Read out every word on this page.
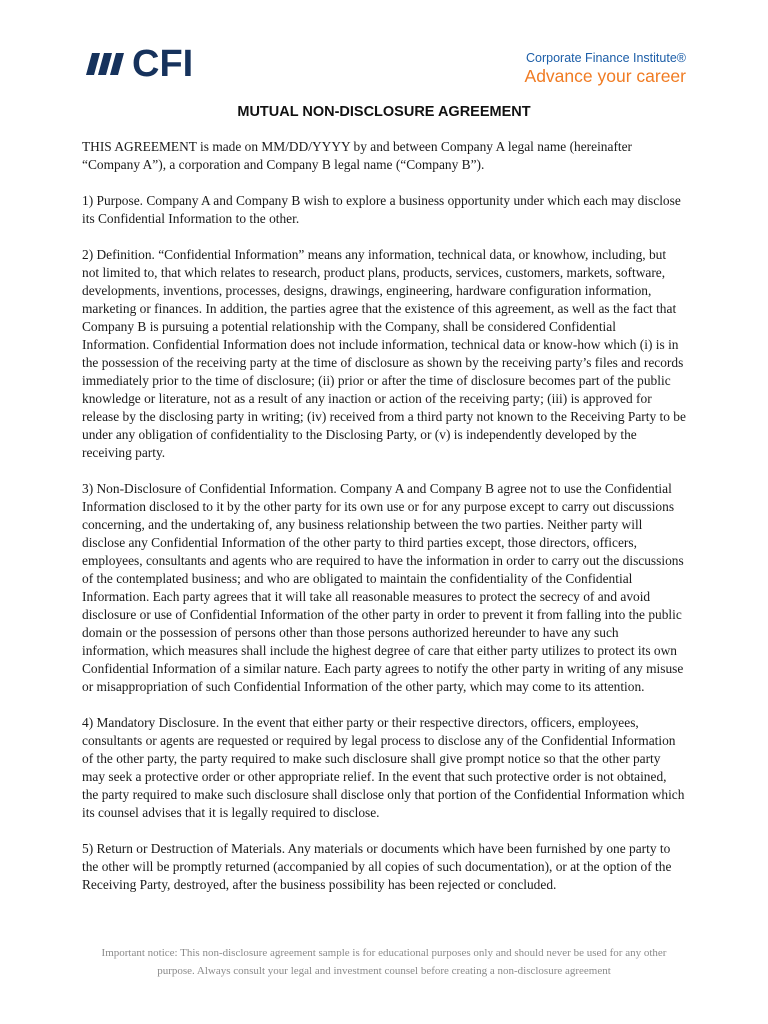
CFI	Corporate Finance Institute®
Advance your career
MUTUAL NON-DISCLOSURE AGREEMENT

THIS AGREEMENT is made on MM/DD/YYYY by and between Company A legal name (hereinafter “Company A”), a corporation and Company B legal name (“Company B”).

1) Purpose. Company A and Company B wish to explore a business opportunity under which each may disclose its Confidential Information to the other.

2) Definition. “Confidential Information” means any information, technical data, or knowhow, including, but not limited to, that which relates to research, product plans, products, services, customers, markets, software, developments, inventions, processes, designs, drawings, engineering, hardware configuration information, marketing or finances. In addition, the parties agree that the existence of this agreement, as well as the fact that Company B is pursuing a potential relationship with the Company, shall be considered Confidential Information. Confidential Information does not include information, technical data or know-how which (i) is in the possession of the receiving party at the time of disclosure as shown by the receiving party’s files and records immediately prior to the time of disclosure; (ii) prior or after the time of disclosure becomes part of the public knowledge or literature, not as a result of any inaction or action of the receiving party; (iii) is approved for release by the disclosing party in writing; (iv) received from a third party not known to the Receiving Party to be under any obligation of confidentiality to the Disclosing Party, or (v) is independently developed by the receiving party.

3) Non-Disclosure of Confidential Information. Company A and Company B agree not to use the Confidential Information disclosed to it by the other party for its own use or for any purpose except to carry out discussions concerning, and the undertaking of, any business relationship between the two parties. Neither party will disclose any Confidential Information of the other party to third parties except, those directors, officers, employees, consultants and agents who are required to have the information in order to carry out the discussions of the contemplated business; and who are obligated to maintain the confidentiality of the Confidential Information. Each party agrees that it will take all reasonable measures to protect the secrecy of and avoid disclosure or use of Confidential Information of the other party in order to prevent it from falling into the public domain or the possession of persons other than those persons authorized hereunder to have any such information, which measures shall include the highest degree of care that either party utilizes to protect its own Confidential Information of a similar nature. Each party agrees to notify the other party in writing of any misuse or misappropriation of such Confidential Information of the other party, which may come to its attention.

4) Mandatory Disclosure. In the event that either party or their respective directors, officers, employees, consultants or agents are requested or required by legal process to disclose any of the Confidential Information of the other party, the party required to make such disclosure shall give prompt notice so that the other party may seek a protective order or other appropriate relief. In the event that such protective order is not obtained, the party required to make such disclosure shall disclose only that portion of the Confidential Information which its counsel advises that it is legally required to disclose.

5) Return or Destruction of Materials. Any materials or documents which have been furnished by one party to the other will be promptly returned (accompanied by all copies of such documentation), or at the option of the Receiving Party, destroyed, after the business possibility has been rejected or concluded.

Important notice: This non-disclosure agreement sample is for educational purposes only and should never be used for any other purpose. Always consult your legal and investment counsel before creating a non-disclosure agreement
